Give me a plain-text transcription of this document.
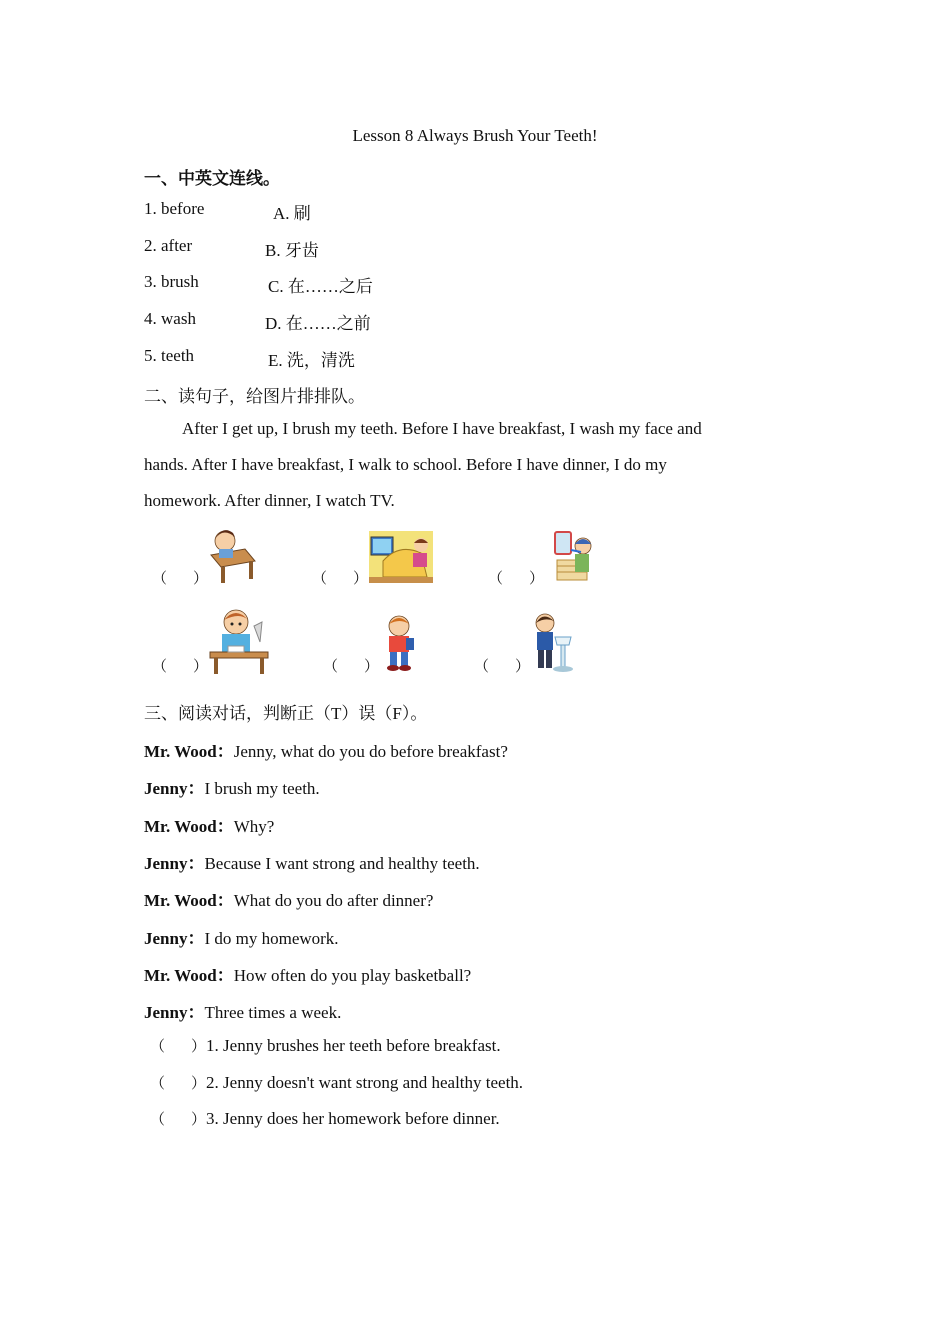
Lesson 8 Always Brush Your Teeth!
一、中英文连线。
1. before	A. 刷
2. after	B. 牙齿
3. brush	C. 在……之后
4. wash	D. 在……之前
5. teeth	E. 洗，清洗
二、读句子，给图片排排队。
After I get up, I brush my teeth. Before I have breakfast, I wash my face and
hands. After I have breakfast, I walk to school. Before I have dinner, I do my
homework. After dinner, I watch TV.
（ ）	（ ）	（ ）
（ ）	（ ）	（ ）
三、阅读对话，判断正（T）误（F）。
Mr. Wood：Jenny, what do you do before breakfast?
Jenny：I brush my teeth.
Mr. Wood：Why?
Jenny：Because I want strong and healthy teeth.
Mr. Wood：What do you do after dinner?
Jenny：I do my homework.
Mr. Wood：How often do you play basketball?
Jenny：Three times a week.
（ ）1. Jenny brushes her teeth before breakfast.
（ ）2. Jenny doesn't want strong and healthy teeth.
（ ）3. Jenny does her homework before dinner.
